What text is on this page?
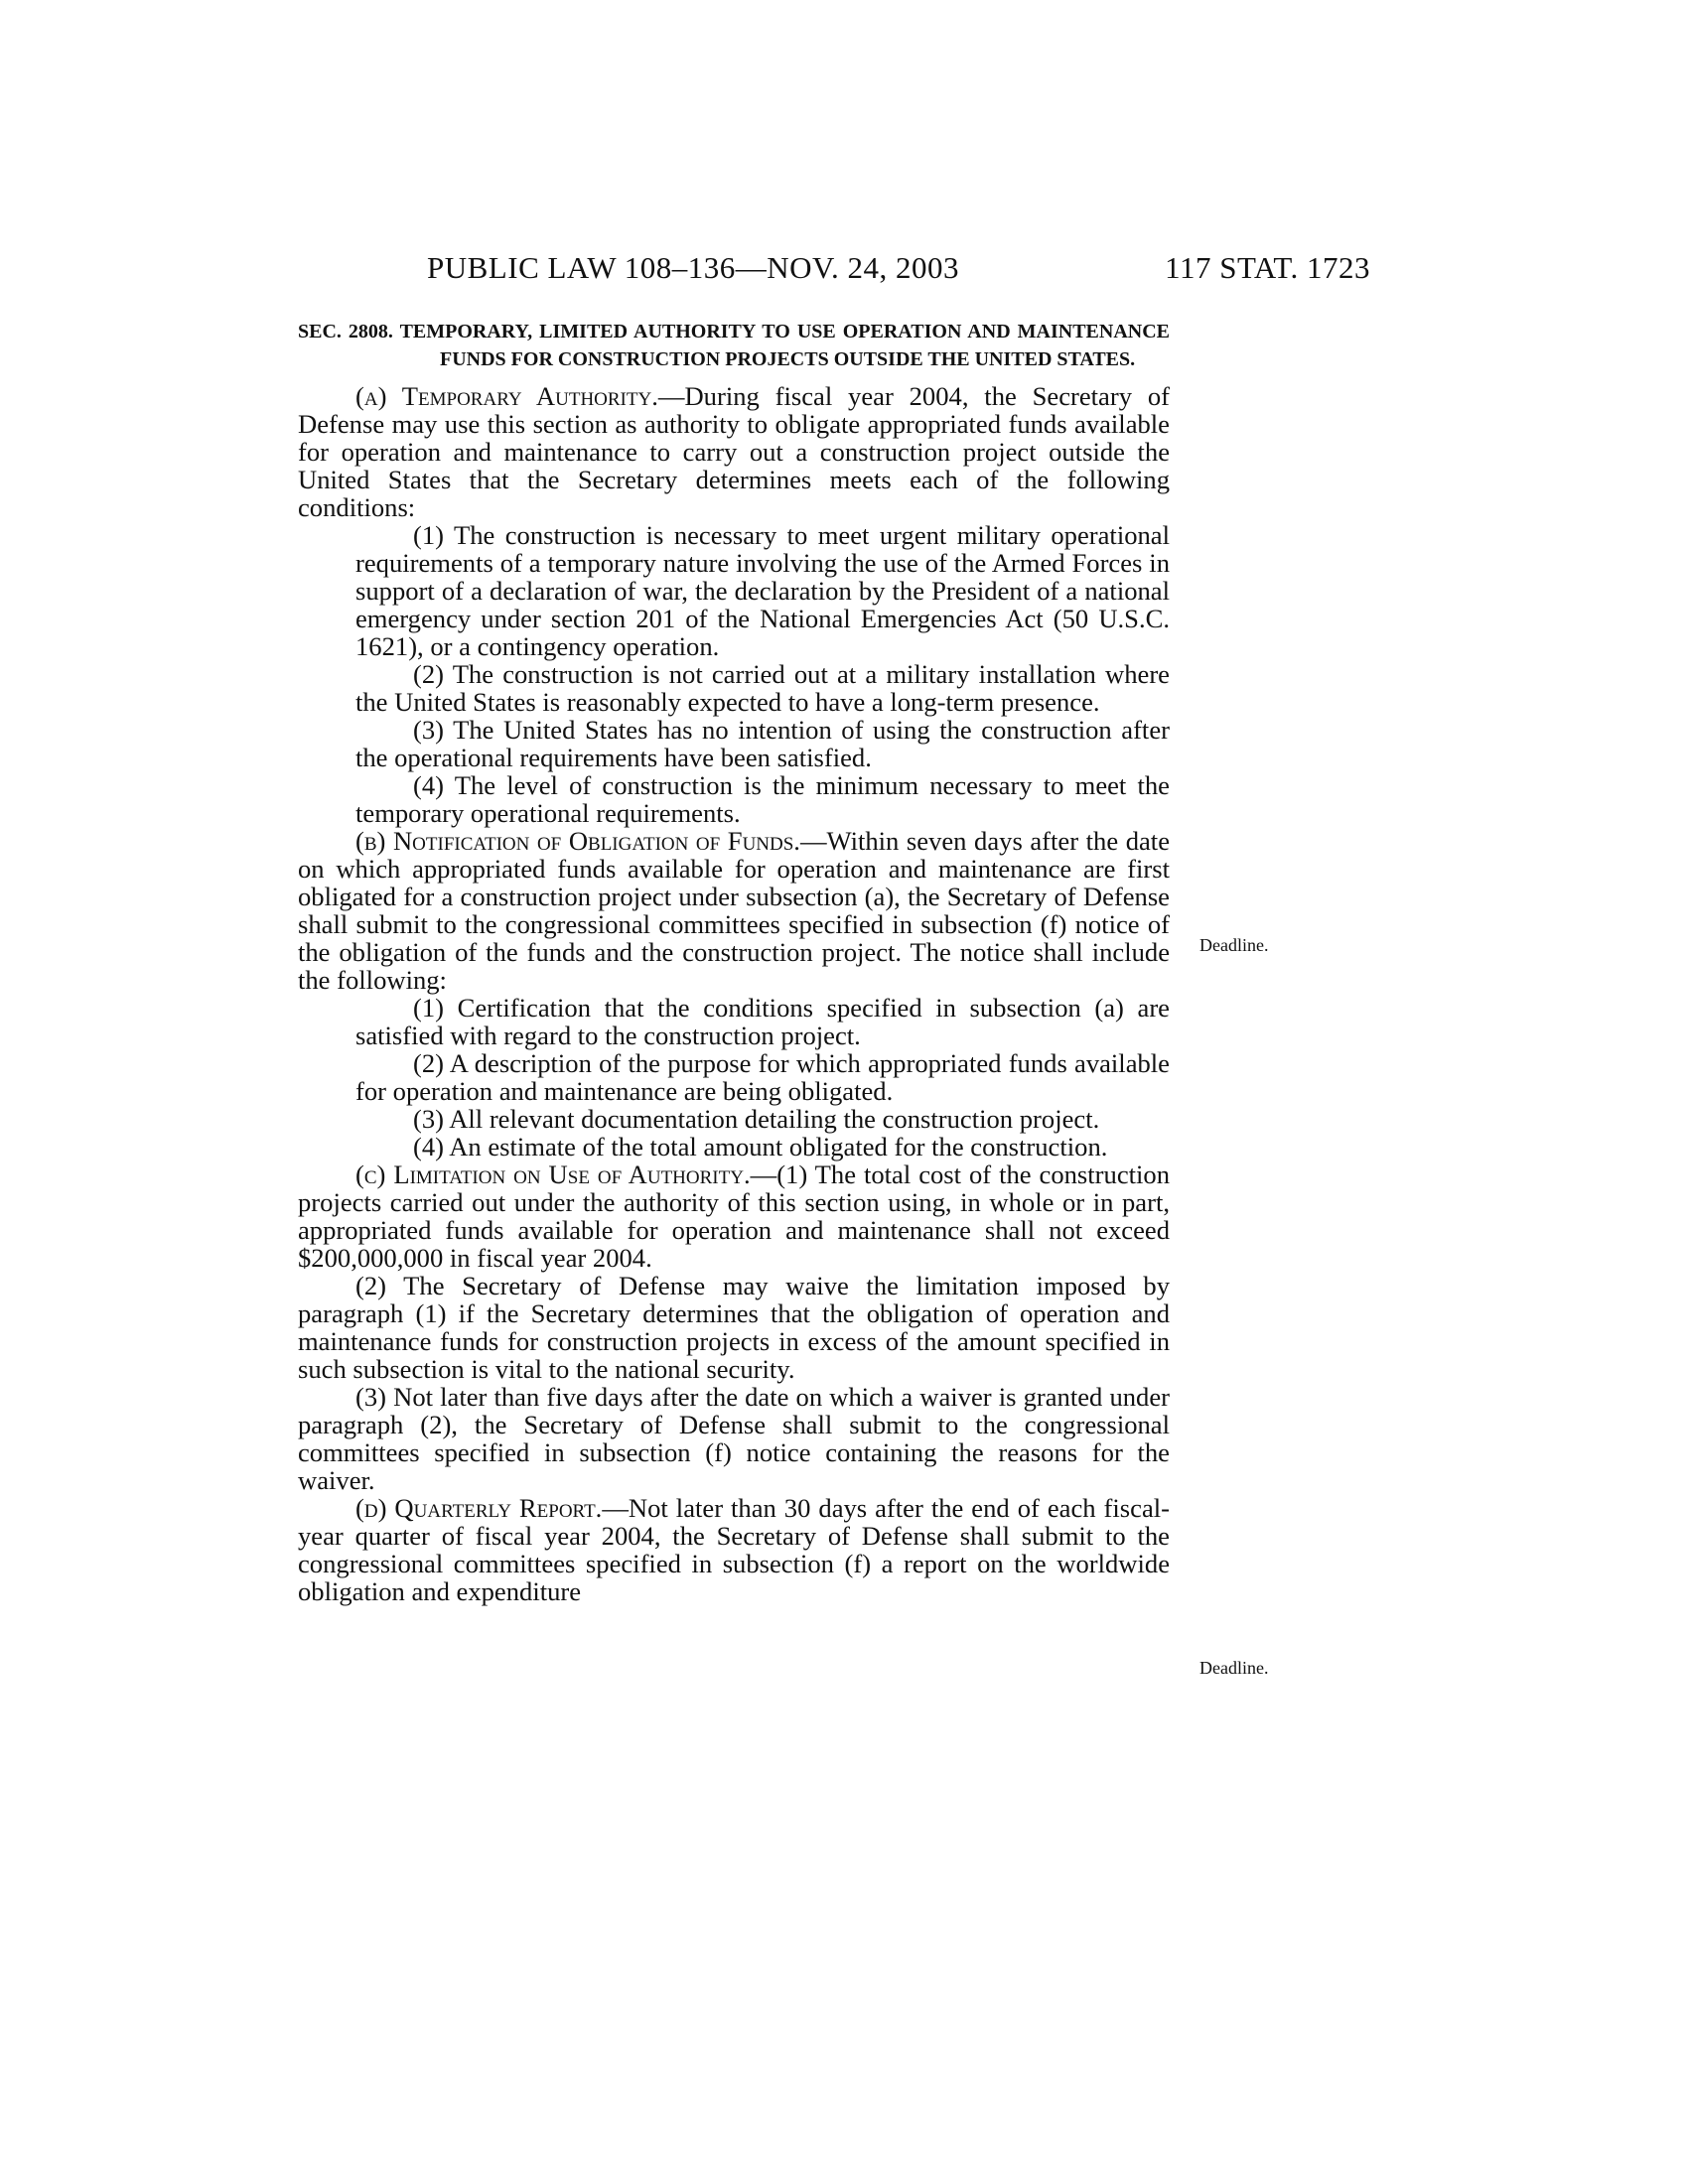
PUBLIC LAW 108–136—NOV. 24, 2003	117 STAT. 1723
Deadline.
Deadline.
SEC. 2808. TEMPORARY, LIMITED AUTHORITY TO USE OPERATION AND MAINTENANCE FUNDS FOR CONSTRUCTION PROJECTS OUTSIDE THE UNITED STATES.

(a) Temporary Authority.—During fiscal year 2004, the Secretary of Defense may use this section as authority to obligate appropriated funds available for operation and maintenance to carry out a construction project outside the United States that the Secretary determines meets each of the following conditions:

(1) The construction is necessary to meet urgent military operational requirements of a temporary nature involving the use of the Armed Forces in support of a declaration of war, the declaration by the President of a national emergency under section 201 of the National Emergencies Act (50 U.S.C. 1621), or a contingency operation.

(2) The construction is not carried out at a military installation where the United States is reasonably expected to have a long-term presence.

(3) The United States has no intention of using the construction after the operational requirements have been satisfied.

(4) The level of construction is the minimum necessary to meet the temporary operational requirements.

(b) Notification of Obligation of Funds.—Within seven days after the date on which appropriated funds available for operation and maintenance are first obligated for a construction project under subsection (a), the Secretary of Defense shall submit to the congressional committees specified in subsection (f) notice of the obligation of the funds and the construction project. The notice shall include the following:

(1) Certification that the conditions specified in subsection (a) are satisfied with regard to the construction project.

(2) A description of the purpose for which appropriated funds available for operation and maintenance are being obligated.

(3) All relevant documentation detailing the construction project.

(4) An estimate of the total amount obligated for the construction.

(c) Limitation on Use of Authority.—(1) The total cost of the construction projects carried out under the authority of this section using, in whole or in part, appropriated funds available for operation and maintenance shall not exceed $200,000,000 in fiscal year 2004.

(2) The Secretary of Defense may waive the limitation imposed by paragraph (1) if the Secretary determines that the obligation of operation and maintenance funds for construction projects in excess of the amount specified in such subsection is vital to the national security.

(3) Not later than five days after the date on which a waiver is granted under paragraph (2), the Secretary of Defense shall submit to the congressional committees specified in subsection (f) notice containing the reasons for the waiver.

(d) Quarterly Report.—Not later than 30 days after the end of each fiscal-year quarter of fiscal year 2004, the Secretary of Defense shall submit to the congressional committees specified in subsection (f) a report on the worldwide obligation and expenditure
